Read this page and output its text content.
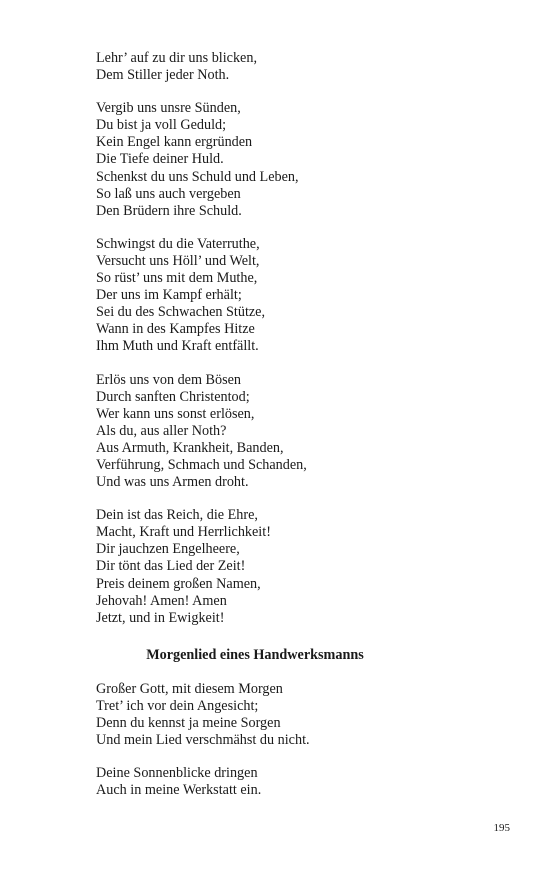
Lehr’ auf zu dir uns blicken,
Dem Stiller jeder Noth.
Vergib uns unsre Sünden,
Du bist ja voll Geduld;
Kein Engel kann ergründen
Die Tiefe deiner Huld.
Schenkst du uns Schuld und Leben,
So laß uns auch vergeben
Den Brüdern ihre Schuld.
Schwingst du die Vaterruthe,
Versucht uns Höll’ und Welt,
So rüst’ uns mit dem Muthe,
Der uns im Kampf erhält;
Sei du des Schwachen Stütze,
Wann in des Kampfes Hitze
Ihm Muth und Kraft entfällt.
Erlös uns von dem Bösen
Durch sanften Christentod;
Wer kann uns sonst erlösen,
Als du, aus aller Noth?
Aus Armuth, Krankheit, Banden,
Verführung, Schmach und Schanden,
Und was uns Armen droht.
Dein ist das Reich, die Ehre,
Macht, Kraft und Herrlichkeit!
Dir jauchzen Engelheere,
Dir tönt das Lied der Zeit!
Preis deinem großen Namen,
Jehovah! Amen! Amen
Jetzt, und in Ewigkeit!
Morgenlied eines Handwerksmanns
Großer Gott, mit diesem Morgen
Tret’ ich vor dein Angesicht;
Denn du kennst ja meine Sorgen
Und mein Lied verschmähst du nicht.
Deine Sonnenblicke dringen
Auch in meine Werkstatt ein.
195
